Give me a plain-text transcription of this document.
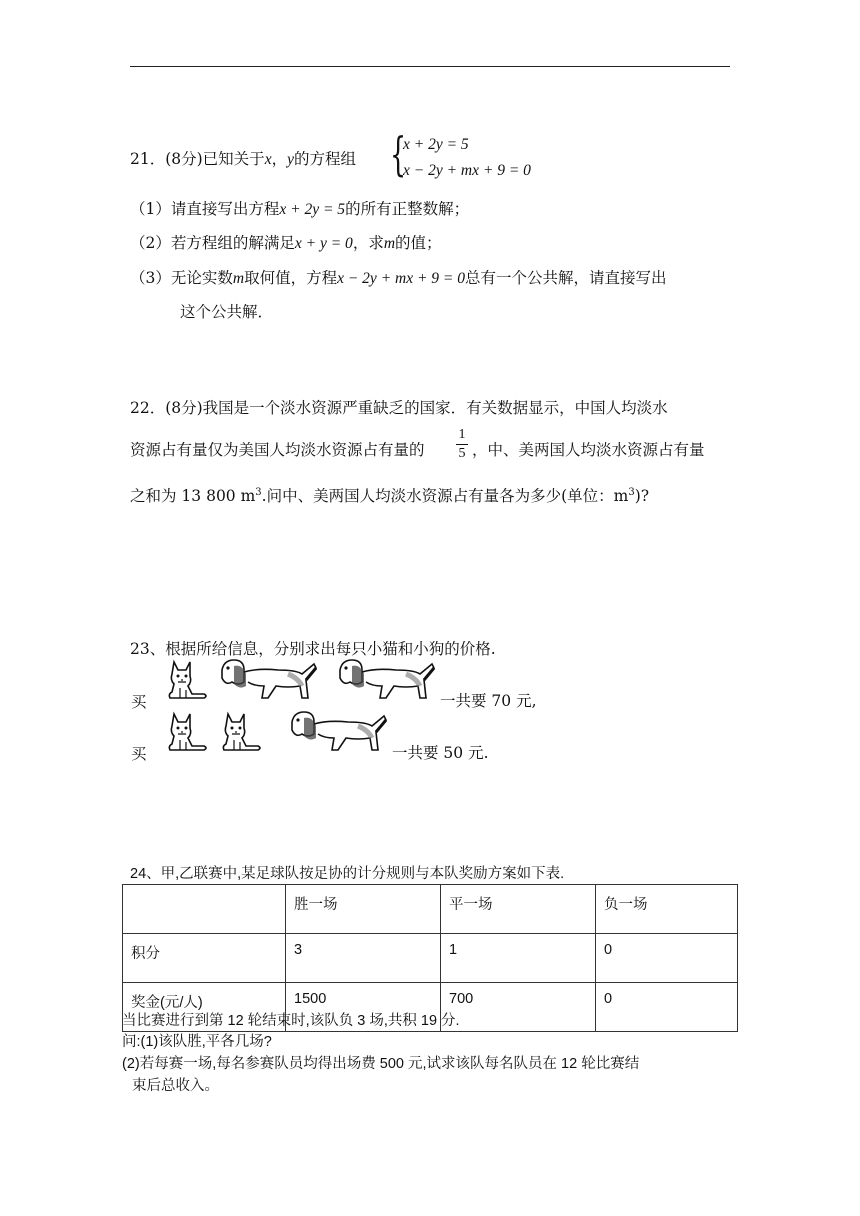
21．(8分)已知关于x，y的方程组 {
x + 2y = 5
x − 2y + mx + 9 = 0
（1）请直接写出方程x + 2y = 5的所有正整数解；
（2）若方程组的解满足x + y = 0，求m的值；
（3）无论实数m取何值，方程x − 2y + mx + 9 = 0总有一个公共解，请直接写出
这个公共解．
22．(8分)我国是一个淡水资源严重缺乏的国家．有关数据显示，中国人均淡水
资源占有量仅为美国人均淡水资源占有量的
1
5 ，中、美两国人均淡水资源占有量
之和为 13 800 $m^3$.问中、美两国人均淡水资源占有量各为多少(单位：$m^3$)?
23、根据所给信息，分别求出每只小猫和小狗的价格.
买	一共要 70 元,
买	一共要 50 元.
24、甲,乙联赛中,某足球队按足协的计分规则与本队奖励方案如下表.
	胜一场	平一场	负一场
积分	3	1	0
奖金(元/人)	1500	700	0
当比赛进行到第 12 轮结束时,该队负 3 场,共积 19 分.
问:(1)该队胜,平各几场?
(2)若每赛一场,每名参赛队员均得出场费 500 元,试求该队每名队员在 12 轮比赛结
束后总收入。
